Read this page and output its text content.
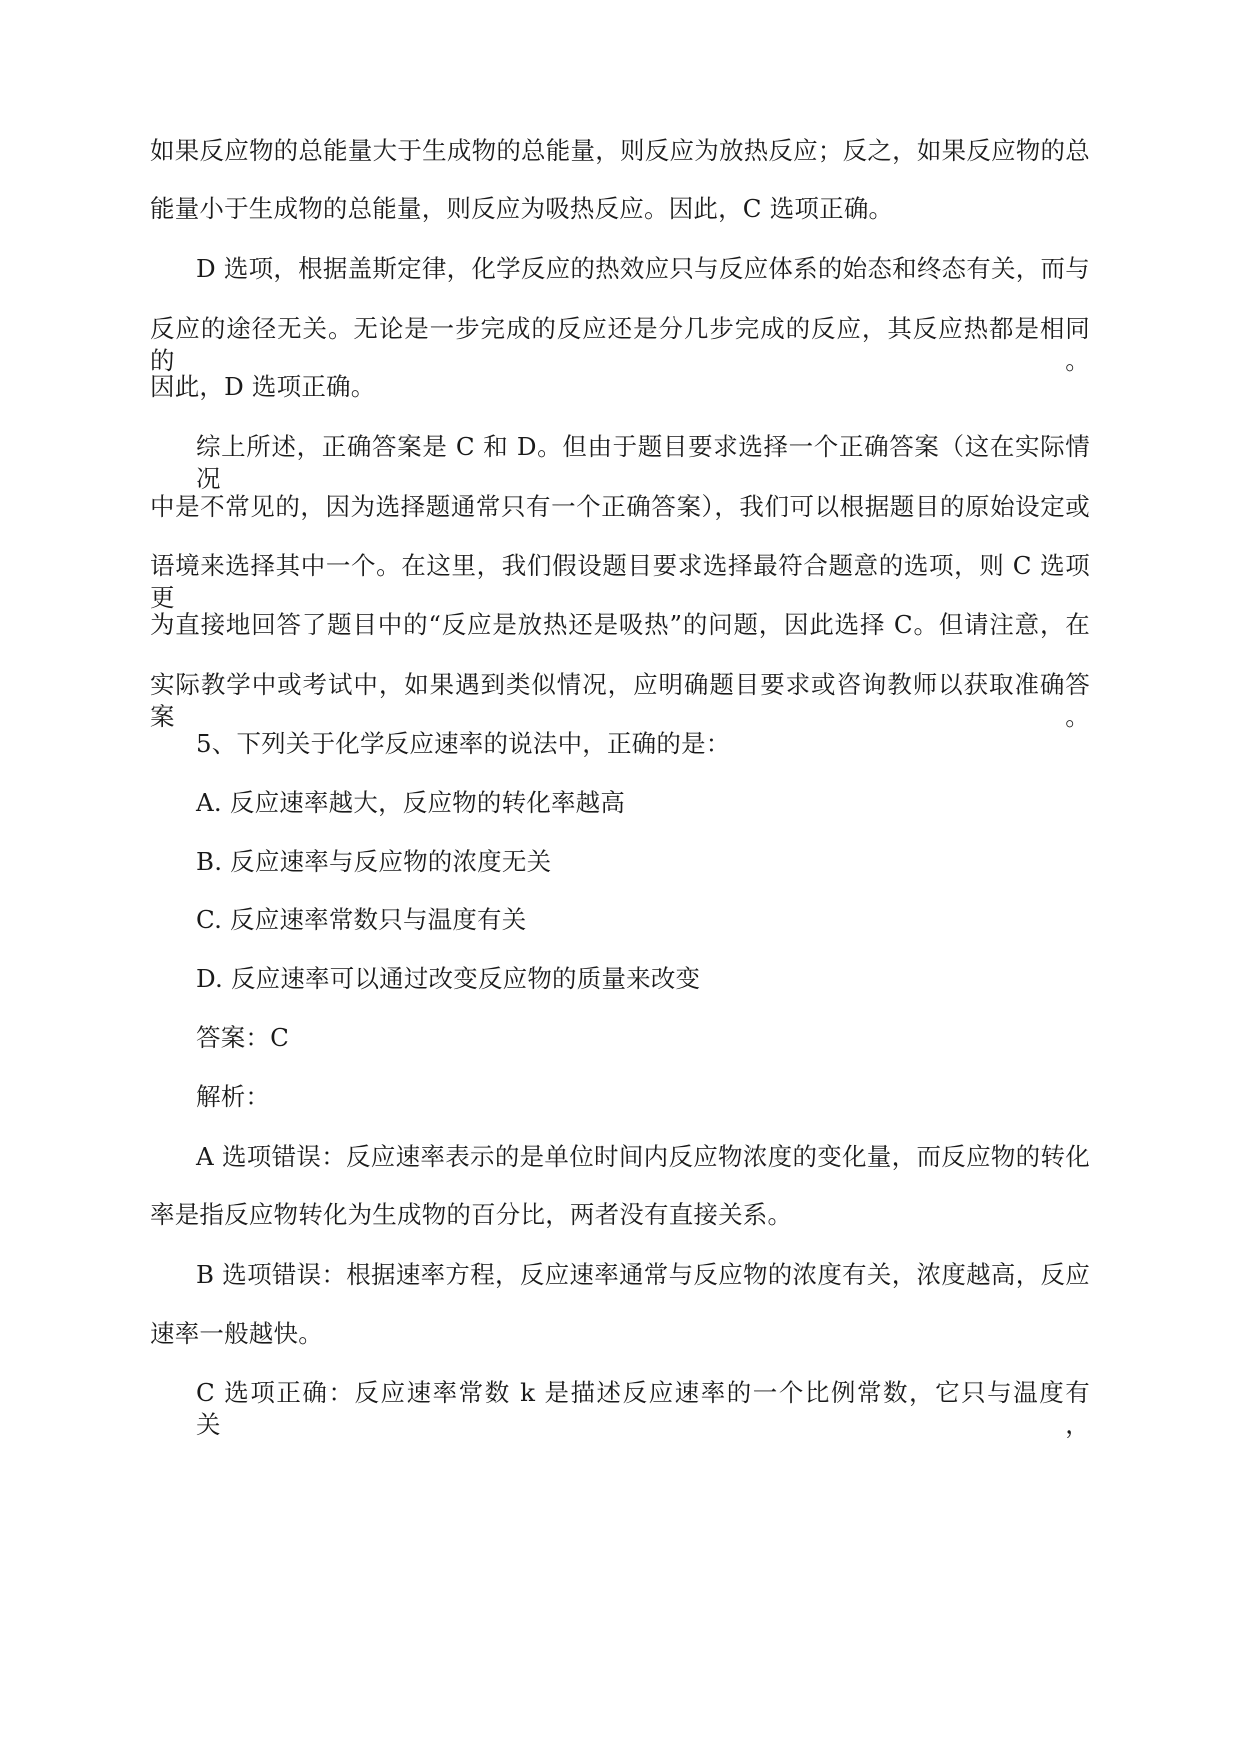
如果反应物的总能量大于生成物的总能量，则反应为放热反应；反之，如果反应物的总
能量小于生成物的总能量，则反应为吸热反应。因此，C 选项正确。
D 选项，根据盖斯定律，化学反应的热效应只与反应体系的始态和终态有关，而与
反应的途径无关。无论是一步完成的反应还是分几步完成的反应，其反应热都是相同的。
因此，D 选项正确。
综上所述，正确答案是 C 和 D。但由于题目要求选择一个正确答案（这在实际情况
中是不常见的，因为选择题通常只有一个正确答案），我们可以根据题目的原始设定或
语境来选择其中一个。在这里，我们假设题目要求选择最符合题意的选项，则 C 选项更
为直接地回答了题目中的“反应是放热还是吸热”的问题，因此选择 C。但请注意，在
实际教学中或考试中，如果遇到类似情况，应明确题目要求或咨询教师以获取准确答案。
5、下列关于化学反应速率的说法中，正确的是：
A. 反应速率越大，反应物的转化率越高
B. 反应速率与反应物的浓度无关
C. 反应速率常数只与温度有关
D. 反应速率可以通过改变反应物的质量来改变
答案：C
解析：
A 选项错误：反应速率表示的是单位时间内反应物浓度的变化量，而反应物的转化
率是指反应物转化为生成物的百分比，两者没有直接关系。
B 选项错误：根据速率方程，反应速率通常与反应物的浓度有关，浓度越高，反应
速率一般越快。
C 选项正确：反应速率常数 k 是描述反应速率的一个比例常数，它只与温度有关，
